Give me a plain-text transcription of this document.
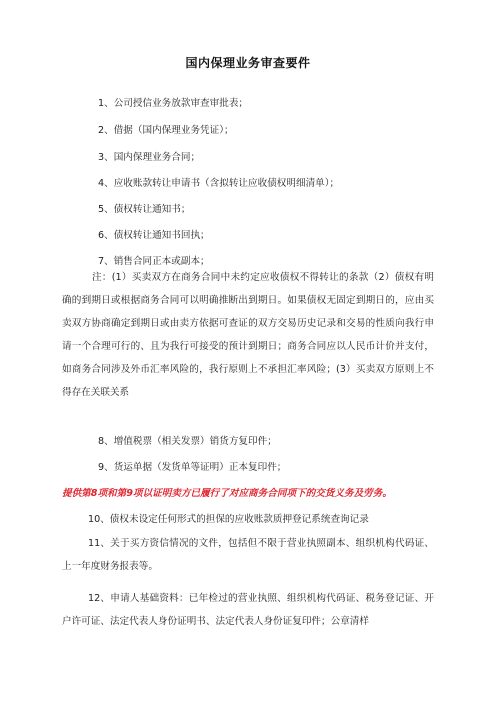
国内保理业务审查要件
1、公司授信业务放款审查审批表；
2、借据（国内保理业务凭证）；
3、国内保理业务合同；
4、应收账款转让申请书（含拟转让应收债权明细清单）；
5、债权转让通知书；
6、债权转让通知书回执；
7、销售合同正本或副本；
注：(1）买卖双方在商务合同中未约定应收债权不得转让的条款（2）债权有明确的到期日或根据商务合同可以明确推断出到期日。如果债权无固定到期日的，应由买卖双方协商确定到期日或由卖方依据可查证的双方交易历史记录和交易的性质向我行申请一个合理可行的、且为我行可接受的预计到期日；商务合同应以人民币计价并支付，如商务合同涉及外币汇率风险的，我行原则上不承担汇率风险；(3）买卖双方原则上不得存在关联关系
8、增值税票（相关发票）销货方复印件；
9、货运单据（发货单等证明）正本复印件；
提供第8项和第9项以证明卖方已履行了对应商务合同项下的交货义务及劳务。
10、债权未设定任何形式的担保的应收账款质押登记系统查询记录
11、关于买方资信情况的文件，包括但不限于营业执照副本、组织机构代码证、上一年度财务报表等。
12、申请人基础资料：已年检过的营业执照、组织机构代码证、税务登记证、开户许可证、法定代表人身份证明书、法定代表人身份证复印件；公章清样
